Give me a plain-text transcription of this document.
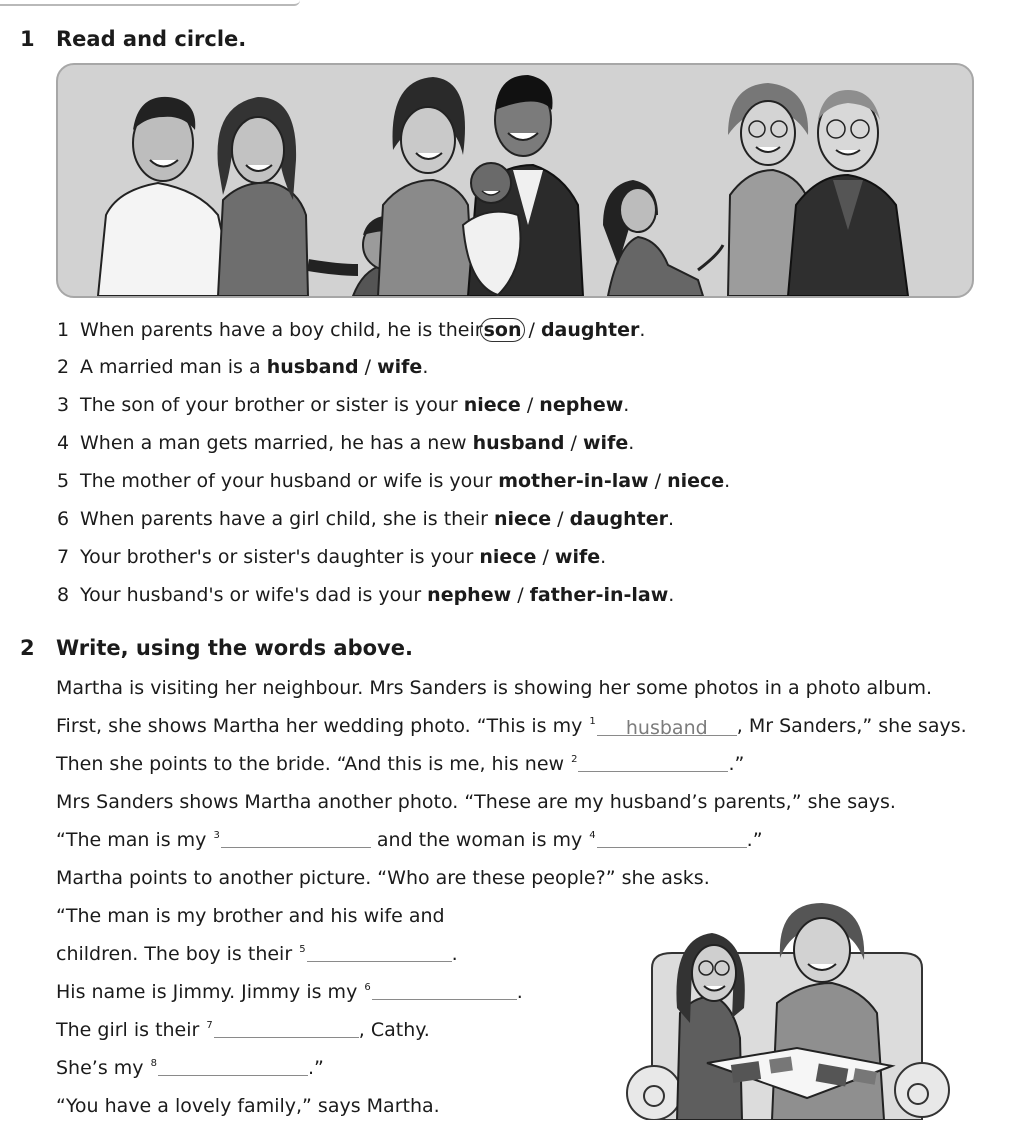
1 Read and circle.
1 When parents have a boy child, he is theirson / daughter.
2 A married man is a husband / wife.
3 The son of your brother or sister is your niece / nephew.
4 When a man gets married, he has a new husband / wife.
5 The mother of your husband or wife is your mother-in-law / niece.
6 When parents have a girl child, she is their niece / daughter.
7 Your brother's or sister's daughter is your niece / wife.
8 Your husband's or wife's dad is your nephew / father-in-law.
2 Write, using the words above.
Martha is visiting her neighbour. Mrs Sanders is showing her some photos in a photo album.
First, she shows Martha her wedding photo. “This is my $^1$ husband , Mr Sanders,” she says.
Then she points to the bride. “And this is me, his new $^2$	.”
Mrs Sanders shows Martha another photo. “These are my husband’s parents,” she says.
“The man is my $^3$	and the woman is my $^4$	.”
Martha points to another picture. “Who are these people?” she asks.
“The man is my brother and his wife and
children. The boy is their $^5$	.
His name is Jimmy. Jimmy is my $^6$	.
The girl is their $^7$	, Cathy.
She’s my $^8$	.”
“You have a lovely family,” says Martha.
